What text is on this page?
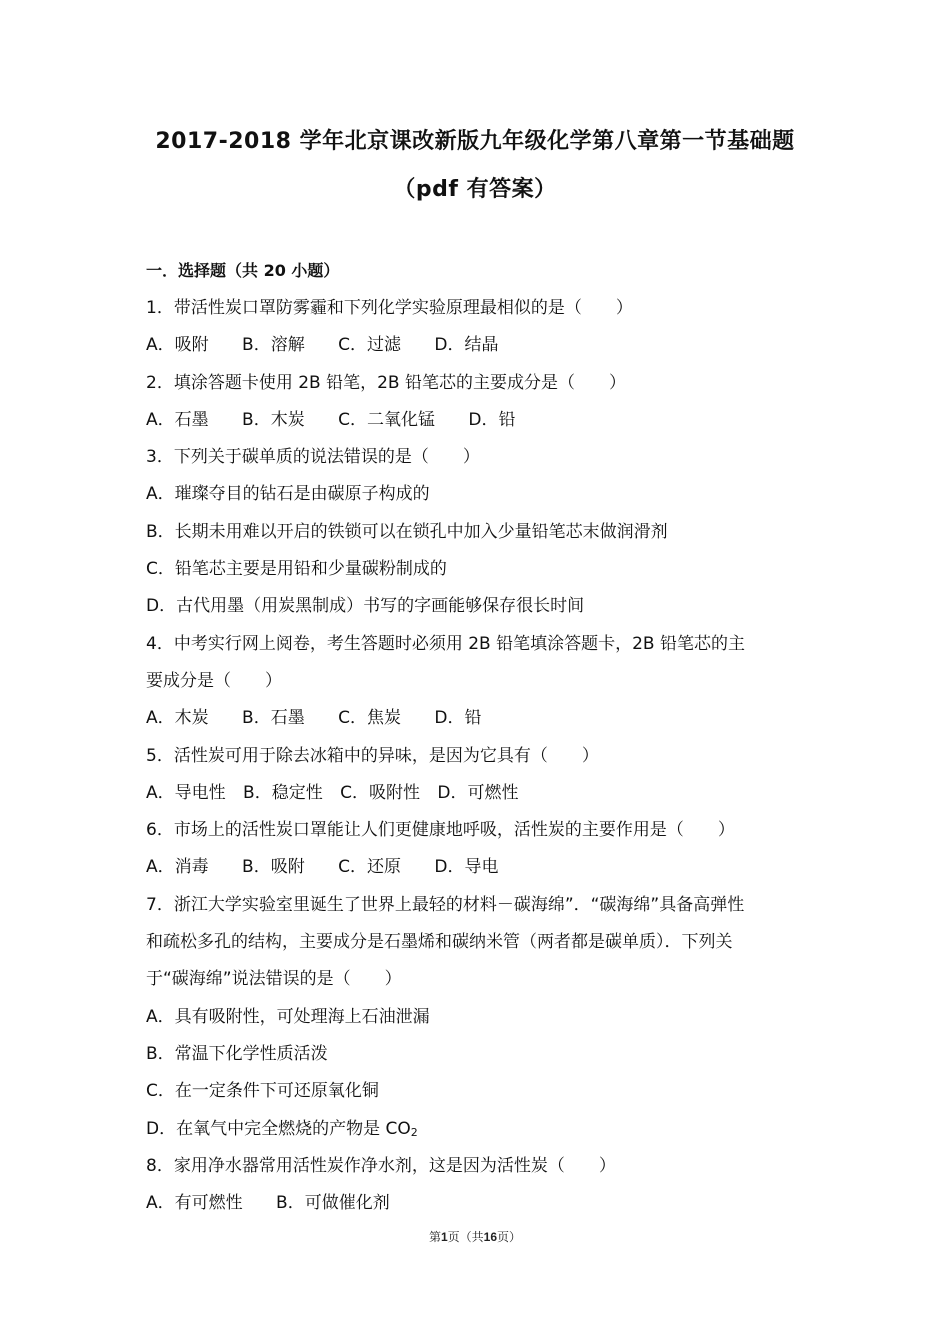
2017-2018 学年北京课改新版九年级化学第八章第一节基础题
（pdf 有答案）
一．选择题（共 20 小题）
1．带活性炭口罩防雾霾和下列化学实验原理最相似的是（　　）
A．吸附 B．溶解 C．过滤 D．结晶
2．填涂答题卡使用 2B 铅笔，2B 铅笔芯的主要成分是（　　）
A．石墨 B．木炭 C．二氧化锰 D．铅
3．下列关于碳单质的说法错误的是（　　）
A．璀璨夺目的钻石是由碳原子构成的
B．长期未用难以开启的铁锁可以在锁孔中加入少量铅笔芯末做润滑剂
C．铅笔芯主要是用铅和少量碳粉制成的
D．古代用墨（用炭黑制成）书写的字画能够保存很长时间
4．中考实行网上阅卷，考生答题时必须用 2B 铅笔填涂答题卡，2B 铅笔芯的主
要成分是（　　）
A．木炭 B．石墨 C．焦炭 D．铅
5．活性炭可用于除去冰箱中的异味，是因为它具有（　　）
A．导电性 B．稳定性 C．吸附性 D．可燃性
6．市场上的活性炭口罩能让人们更健康地呼吸，活性炭的主要作用是（　　）
A．消毒 B．吸附 C．还原 D．导电
7．浙江大学实验室里诞生了世界上最轻的材料－碳海绵”．“碳海绵”具备高弹性
和疏松多孔的结构，主要成分是石墨烯和碳纳米管（两者都是碳单质）．下列关
于“碳海绵”说法错误的是（　　）
A．具有吸附性，可处理海上石油泄漏
B．常温下化学性质活泼
C．在一定条件下可还原氧化铜
D．在氧气中完全燃烧的产物是 $CO_2$
8．家用净水器常用活性炭作净水剂，这是因为活性炭（　　）
A．有可燃性 B．可做催化剂
第1页（共16页）
